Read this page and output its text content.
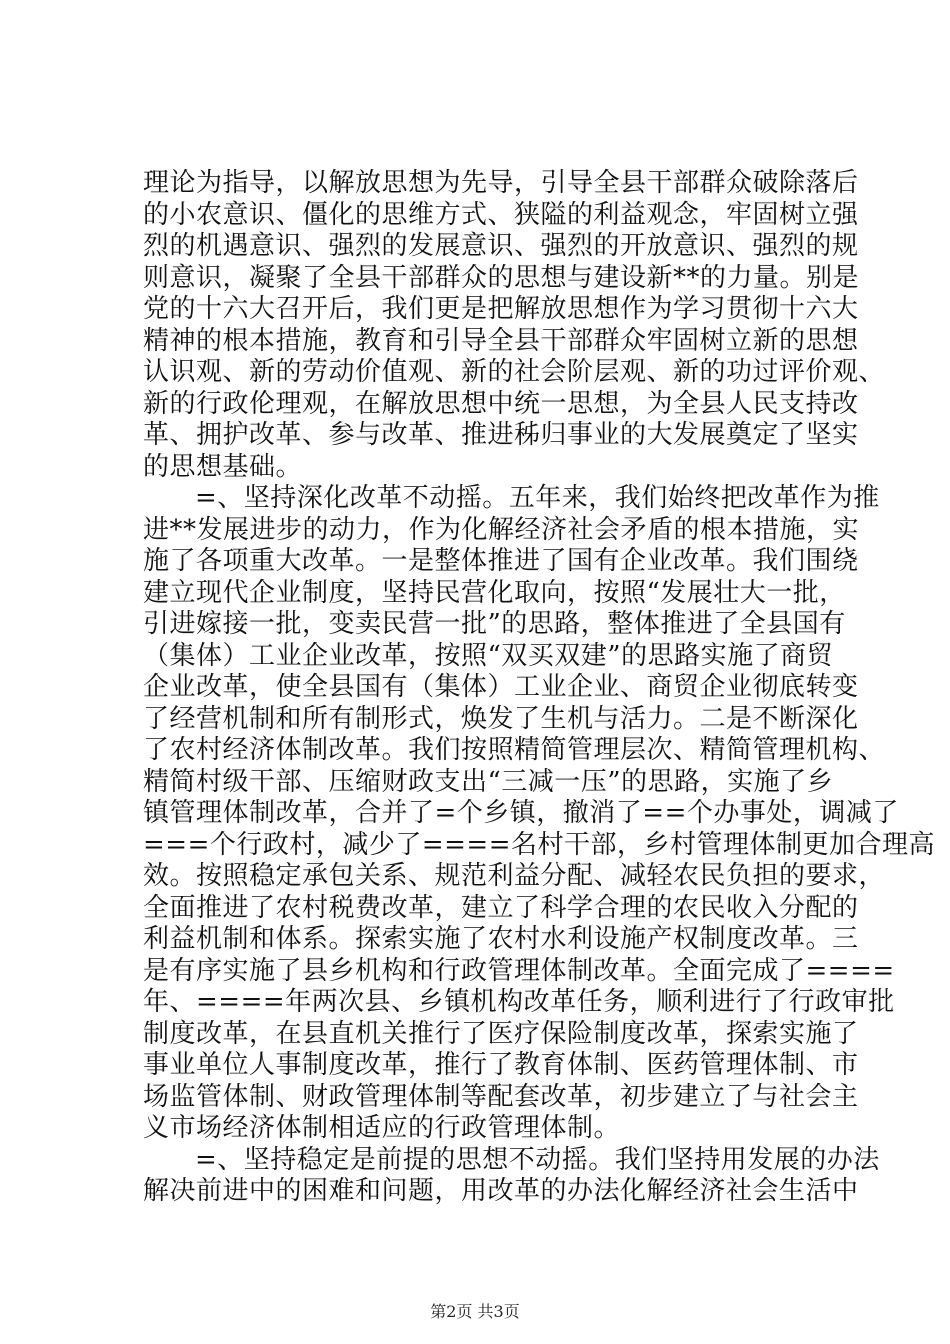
理论为指导，以解放思想为先导，引导全县干部群众破除落后
的小农意识、僵化的思维方式、狭隘的利益观念，牢固树立强
烈的机遇意识、强烈的发展意识、强烈的开放意识、强烈的规
则意识，凝聚了全县干部群众的思想与建设新**的力量。别是
党的十六大召开后，我们更是把解放思想作为学习贯彻十六大
精神的根本措施，教育和引导全县干部群众牢固树立新的思想
认识观、新的劳动价值观、新的社会阶层观、新的功过评价观、
新的行政伦理观，在解放思想中统一思想，为全县人民支持改
革、拥护改革、参与改革、推进秭归事业的大发展奠定了坚实
的思想基础。
=、坚持深化改革不动摇。五年来，我们始终把改革作为推
进**发展进步的动力，作为化解经济社会矛盾的根本措施，实
施了各项重大改革。一是整体推进了国有企业改革。我们围绕
建立现代企业制度，坚持民营化取向，按照“发展壮大一批，
引进嫁接一批，变卖民营一批”的思路，整体推进了全县国有
（集体）工业企业改革，按照“双买双建”的思路实施了商贸
企业改革，使全县国有（集体）工业企业、商贸企业彻底转变
了经营机制和所有制形式，焕发了生机与活力。二是不断深化
了农村经济体制改革。我们按照精简管理层次、精简管理机构、
精简村级干部、压缩财政支出“三减一压”的思路，实施了乡
镇管理体制改革，合并了=个乡镇，撤消了==个办事处，调减了
===个行政村，减少了====名村干部，乡村管理体制更加合理高
效。按照稳定承包关系、规范利益分配、减轻农民负担的要求，
全面推进了农村税费改革，建立了科学合理的农民收入分配的
利益机制和体系。探索实施了农村水利设施产权制度改革。三
是有序实施了县乡机构和行政管理体制改革。全面完成了====
年、====年两次县、乡镇机构改革任务，顺利进行了行政审批
制度改革，在县直机关推行了医疗保险制度改革，探索实施了
事业单位人事制度改革，推行了教育体制、医药管理体制、市
场监管体制、财政管理体制等配套改革，初步建立了与社会主
义市场经济体制相适应的行政管理体制。
=、坚持稳定是前提的思想不动摇。我们坚持用发展的办法
解决前进中的困难和问题，用改革的办法化解经济社会生活中
第2页 共3页
